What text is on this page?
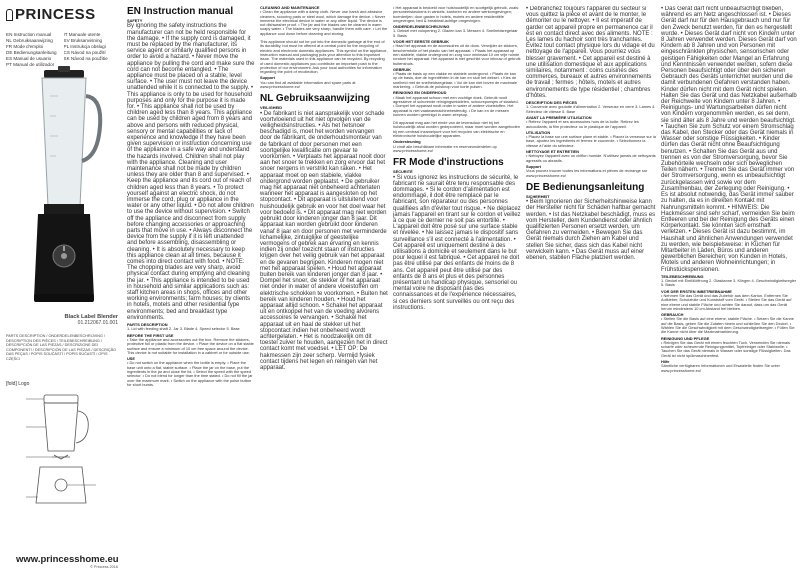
PRINCESS
EN Instruction manual	IT Manuale utente
NL Gebruiksaanwijzing	SV Bruksanvisning
FR Mode d'emploi	PL Instrukcja obsługi
DE Bedienungsanleitung	CS Návod na použití
ES Manual de usuario	SK Návod na použitie
PT Manual de utilizador
Black Label Blender
01.212067.01.001
PARTS DESCRIPTION / ONDERDELENBESCHRIJVING / DESCRIPTION DES PIÈCES / TEILEBESCHREIBUNG / DESCRIPCIÓN DE LAS PIEZAS / DESCRIZIONE DEI COMPONENTI / DESCRIPCIÓN DE LAS PIEZAS / DESCRIÇÃO DAS PEÇAS / POPIS SOUČÁSTÍ / POPIS SÚČASTÍ / OPIS CZĘŚCI
[fold] Logo
www.princesshome.eu
© Princess 2016
EN Instruction manual
SAFETY
By ignoring the safety instructions the manufacturer can not be held responsible for the damage. • If the supply cord is damaged, it must be replaced by the manufacturer, its service agent or similarly qualified persons in order to avoid a hazard. • Never move the appliance by pulling the cord and make sure the cord can not become entangled. • The appliance must be placed on a stable, level surface. • The user must not leave the device unattended while it is connected to the supply. • This appliance is only to be used for household purposes and only for the purpose it is made for. • This appliance shall not be used by children aged less than 8 years. This appliance can be used by children aged from 8 years and above and persons with reduced physical, sensory or mental capabilities or lack of experience and knowledge if they have been given supervision or instruction concerning use of the appliance in a safe way and understand the hazards involved. Children shall not play with the appliance. Cleaning and user maintenance shall not be made by children unless they are older than 8 and supervised. • Keep the appliance and its cord out of reach of children aged less than 8 years. • To protect yourself against an electric shock, do not immerse the cord, plug or appliance in the water or any other liquid. • Do not allow children to use the device without supervision. • Switch off the appliance and disconnect from supply before changing accessories or approaching parts that move in use. • Always disconnect the device from the supply if it is left unattended and before assembling, disassembling or cleaning. • It is absolutely necessary to keep this appliance clean at all times, because it comes into direct contact with food. • NOTE: The chopping blades are very sharp, avoid physical contact during emptying and cleaning the jar. • This appliance is intended to be used in household and similar applications such as: staff kitchen areas in shops, offices and other working environments; farm houses; by clients in hotels, motels and other residential type environments; bed and breakfast type environments.
PARTS DESCRIPTION
1. Lid with feeding shaft 2. Jar 3. Blade 4. Speed selector 5. Base
BEFORE THE FIRST USE
• Take the appliance and accessories out the box. Remove the stickers, protective foil or plastic from the device. • Place the device on a flat stable surface and ensure a minimum of 10 cm free space around the device. This device is not suitable for installation in a cabinet or for outside use.
USE
• Do not switch on the appliance when the bottle is empty. • Place the base unit onto a flat, stable surface. • Place the jar on the base, put the ingredients in the jar and close the lid. • Select the speed with the speed selector. • Do not blend for longer than the time stated. • Do not fill the jar over the maximum mark. • Switch on the appliance with the pulse button for short bursts.
CLEANING AND MAINTENANCE
• Clean the appliance with a damp cloth. Never use harsh and abrasive cleaners, scouring pads or steel wool, which damage the device. • Never immerse the electrical device in water or any other liquid. The device is not dishwasher proof. • The jar and the blades can be cleaned in warm soapy water. • The blades are very sharp, handle them with care. • Let the appliance cool down before cleaning and storing.
This appliance should not be put into the domestic garbage at the end of its durability, but must be offered at a central point for the recycling of electric and electronic domestic appliances. This symbol on the appliance, instruction manual and packaging puts your attention to this important issue. The materials used in this appliance can be recycled. By recycling of used domestic appliances you contribute an important push to the protection of our environment. Ask your local authorities for information regarding the point of recollection.
Support
You can find all available information and spare parts at www.princesshome.eu!
NL Gebruiksaanwijzing
VEILIGHEID
• De fabrikant is niet aansprakelijk voor schade voortvloeiend uit het niet opvolgen van de veiligheidsinstructies. • Als het netsnoer beschadigd is, moet het worden vervangen door de fabrikant, de onderhoudsmonteur van de fabrikant of door personen met een soortgelijke kwalificatie om gevaar te voorkomen. • Verplaats het apparaat nooit door aan het snoer te trekken en zorg ervoor dat het snoer nergens in verstrikt kan raken. • Het apparaat moet op een stabiele, vlakke ondergrond worden geplaatst. • De gebruiker mag het apparaat niet onbeheerd achterlaten wanneer het apparaat is aangesloten op het stopcontact. • Dit apparaat is uitsluitend voor huishoudelijk gebruik en voor het doel waar het voor bedoeld is. • Dit apparaat mag niet worden gebruikt door kinderen jonger dan 8 jaar. Dit apparaat kan worden gebruikt door kinderen vanaf 8 jaar en door personen met verminderde lichamelijke, zintuiglijke of geestelijke vermogens of gebrek aan ervaring en kennis indien zij onder toezicht staan of instructies krijgen over het veilig gebruik van het apparaat en de gevaren begrijpen. Kinderen mogen niet met het apparaat spelen. • Houd het apparaat buiten bereik van kinderen jonger dan 8 jaar. • Dompel het snoer, de stekker of het apparaat niet onder in water of andere vloeistoffen om elektrische schokken te voorkomen. • Buiten het bereik van kinderen houden. • Houd het apparaat altijd schoon. • Schakel het apparaat uit en ontkoppel het van de voeding alvorens accessoires te vervangen. • Schakel het apparaat uit en haal de stekker uit het stopcontact indien het onbeheerd wordt achtergelaten. • Het is noodzakelijk om dit toestel zuiver te houden, aangezien het in direct contact komt met voedsel. • LET OP: De hakmessen zijn zeer scherp. Vermijd fysiek contact tijdens het legen en reinigen van het apparaat.
• Het apparaat is bedoeld voor huishoudelijk en soortgelijk gebruik, zoals: personeelskeukens in winkels, kantoren en andere werkomgevingen; boerderijen; door gasten in hotels, motels en andere residentiële omgevingen; bed & breakfast-achtige omgevingen.
ONDERDELENBESCHRIJVING
1. Deksel met vulopening 2. Glazen kan 3. Messen 4. Snelheidsregelaar 5. Basis
VOOR HET EERSTE GEBRUIK
• Haal het apparaat en de accessoires uit de doos. Verwijder de stickers, beschermfolie of het plastic van het apparaat. • Plaats het apparaat op een stabiele, vlakke ondergrond en zorg voor minimaal 10 cm vrije ruimte rondom het apparaat. Het apparaat is niet geschikt voor inbouw of gebruik buitenshuis.
GEBRUIK
• Plaats de basis op een vlakke en stabiele ondergrond. • Plaats de kan op de basis, doe de ingrediënten in de kan en sluit het deksel. • Kies de snelheid met de snelheidsregelaar. • Vul de kan niet boven de maximale markering. • Gebruik de pulsknop voor korte pulsen.
REINIGING EN ONDERHOUD
• Maak het apparaat schoon met een vochtige doek. Gebruik nooit agressieve of schurende reinigingsmiddelen, schuursponsjes of staalwol. • Dompel het apparaat nooit onder in water of andere vloeistoffen. Het apparaat is niet vaatwasmachinebestendig. • De kan en de messen kunnen worden gereinigd in warm zeepsop.
Dit apparaat mag aan het einde van de levensduur niet bij het huishoudelijk afval worden gedeponeerd, maar moet worden aangeboden bij een centraal inzamelpunt voor het recyclen van elektrische en elektronische huishoudelijke apparaten.
Ondersteuning
U vindt alle beschikbare informatie en reserveonderdelen op www.princesshome.eu!
FR Mode d'instructions
SÉCURITÉ
• Si vous ignorez les instructions de sécurité, le fabricant ne saurait être tenu responsable des dommages. • Si le cordon d'alimentation est endommagé, il doit être remplacé par le fabricant, son réparateur ou des personnes qualifiées afin d'éviter tout risque. • Ne déplacez jamais l'appareil en tirant sur le cordon et veillez à ce que ce dernier ne soit pas entortillé. • L'appareil doit être posé sur une surface stable et nivelée. • Ne laissez jamais le dispositif sans surveillance s'il est connecté à l'alimentation. • Cet appareil est uniquement destiné à des utilisations à domicile et seulement dans le but pour lequel il est fabriqué. • Cet appareil ne doit pas être utilisé par des enfants de moins de 8 ans. Cet appareil peut être utilisé par des enfants de 8 ans et plus et des personnes présentant un handicap physique, sensoriel ou mental voire ne disposant pas des connaissances et de l'expérience nécessaires, si ces derniers sont surveillés ou ont reçu des instructions.
• Débranchez toujours l'appareil du secteur si vous quittez la pièce et avant de le monter, le démonter ou le nettoyer. • Il est impératif de garder cet appareil propre en permanence car il est en contact direct avec des aliments. NOTE : Les lames du hachoir sont très tranchantes. Évitez tout contact physique lors du vidage et du nettoyage de l'appareil. Vous pourriez vous blesser gravement. • Cet appareil est destiné à une utilisation domestique et aux applications similaires, notamment : coins cuisines des commerces, bureaux et autres environnements de travail ; fermes ; hôtels, motels et autres environnements de type résidentiel ; chambres d'hôtes.
DESCRIPTION DES PIÈCES
1. Couvercle avec goulotte d'alimentation 2. Verseuse en verre 3. Lames 4. Sélecteur de vitesse 5. Base
AVANT LA PREMIÈRE UTILISATION
• Retirez l'appareil et ses accessoires hors de la boîte. Retirez les autocollants, la film protecteur ou le plastique de l'appareil.
UTILISATION
• Placez la base sur une surface plane et stable. • Placez la verseuse sur la base, ajoutez les ingrédients et fermez le couvercle. • Sélectionnez la vitesse à l'aide du sélecteur.
NETTOYAGE ET ENTRETIEN
• Nettoyez l'appareil avec un chiffon humide. N'utilisez jamais de nettoyants agressifs ou abrasifs.
Support
Vous pouvez trouver toutes les informations et pièces de rechange sur www.princesshome.eu!
DE Bedienungsanleitung
SICHERHEIT
• Beim Ignorieren der Sicherheitshinweise kann der Hersteller nicht für Schäden haftbar gemacht werden. • Ist das Netzkabel beschädigt, muss es vom Hersteller, dem Kundendienst oder ähnlich qualifizierten Personen ersetzt werden, um Gefahren zu vermeiden. • Bewegen Sie das Gerät niemals durch Ziehen am Kabel und stellen Sie sicher, dass sich das Kabel nicht verwickeln kann. • Das Gerät muss auf einer ebenen, stabilen Fläche platziert werden.
• Das Gerät darf nicht unbeaufsichtigt bleiben, während es am Netz angeschlossen ist. • Dieses Gerät darf nur für den Hausgebrauch und nur für den Zweck benutzt werden, für den es hergestellt wurde. • Dieses Gerät darf nicht von Kindern unter 8 Jahren verwendet werden. Dieses Gerät darf von Kindern ab 8 Jahren und von Personen mit eingeschränkten physischen, sensorischen oder geistigen Fähigkeiten oder Mangel an Erfahrung und Kenntnissen verwendet werden, sofern diese Personen beaufsichtigt oder über den sicheren Gebrauch des Geräts unterrichtet wurden und die damit verbundenen Gefahren verstanden haben. Kinder dürfen nicht mit dem Gerät nicht spielen. Halten Sie das Gerät und das Netzkabel außerhalb der Reichweite von Kindern unter 8 Jahren. • Reinigungs- und Wartungsarbeiten dürfen nicht von Kindern vorgenommen werden, es sei denn, sie sind älter als 8 Jahre und werden beaufsichtigt. • Tauchen Sie zum Schutz vor einem Stromschlag das Kabel, den Stecker oder das Gerät niemals in Wasser oder sonstige Flüssigkeiten. • Kinder dürfen das Gerät nicht ohne Beaufsichtigung benutzen. • Schalten Sie das Gerät aus und trennen es von der Stromversorgung, bevor Sie Zubehörteile wechseln oder sich beweglichen Teilen nähern. • Trennen Sie das Gerät immer von der Stromversorgung, wenn es unbeaufsichtigt zurückgelassen wird sowie vor dem Zusammenbau, der Zerlegung oder Reinigung. • Es ist absolut notwendig, das Gerät immer sauber zu halten, da es in direkten Kontakt mit Nahrungsmitteln kommt. • HINWEIS: Die Hackmesser sind sehr scharf, vermeiden Sie beim Entleeren und bei der Reinigung des Geräts einen Körperkontakt. Sie könnten sich ernsthaft verletzen. • Dieses Gerät ist dazu bestimmt, im Haushalt und ähnlichen Anwendungen verwendet zu werden, wie beispielsweise: in Küchen für Mitarbeiter in Läden, Büros und anderen gewerblichen Bereichen; von Kunden in Hotels, Motels und anderen Wohneinrichtungen; in Frühstückspensionen.
TEILEBESCHREIBUNG
1. Deckel mit Einfüllöffnung 2. Glaskanne 3. Klingen 4. Geschwindigkeitsregler 5. Basis
VOR DER ERSTEN INBETRIEBNAHME
• Nehmen Sie das Gerät und das Zubehör aus dem Karton. Entfernen Sie Aufkleber, Schutzfolie und Kunststoff vom Gerät. • Stellen Sie das Gerät auf eine ebene und stabile Fläche und achten Sie darauf, dass um das Gerät herum mindestens 10 cm Abstand frei bleiben.
GEBRAUCH
• Stellen Sie die Basis auf eine ebene, stabile Fläche. • Setzen Sie die Kanne auf die Basis, geben Sie die Zutaten hinein und schließen Sie den Deckel. • Wählen Sie die Geschwindigkeit mit dem Geschwindigkeitsregler. • Füllen Sie die Kanne nicht über die Maximalmarkierung.
REINIGUNG UND PFLEGE
• Reinigen Sie das Gerät mit einem feuchten Tuch. Verwenden Sie niemals scharfe oder scheuernde Reinigungsmittel, Topfreiniger oder Stahlwolle. • Tauchen Sie das Gerät niemals in Wasser oder sonstige Flüssigkeiten. Das Gerät ist nicht spülmaschinenfest.
Hilfe
Sämtliche verfügbaren Informationen und Ersatzteile finden Sie unter www.princesshome.eu!
